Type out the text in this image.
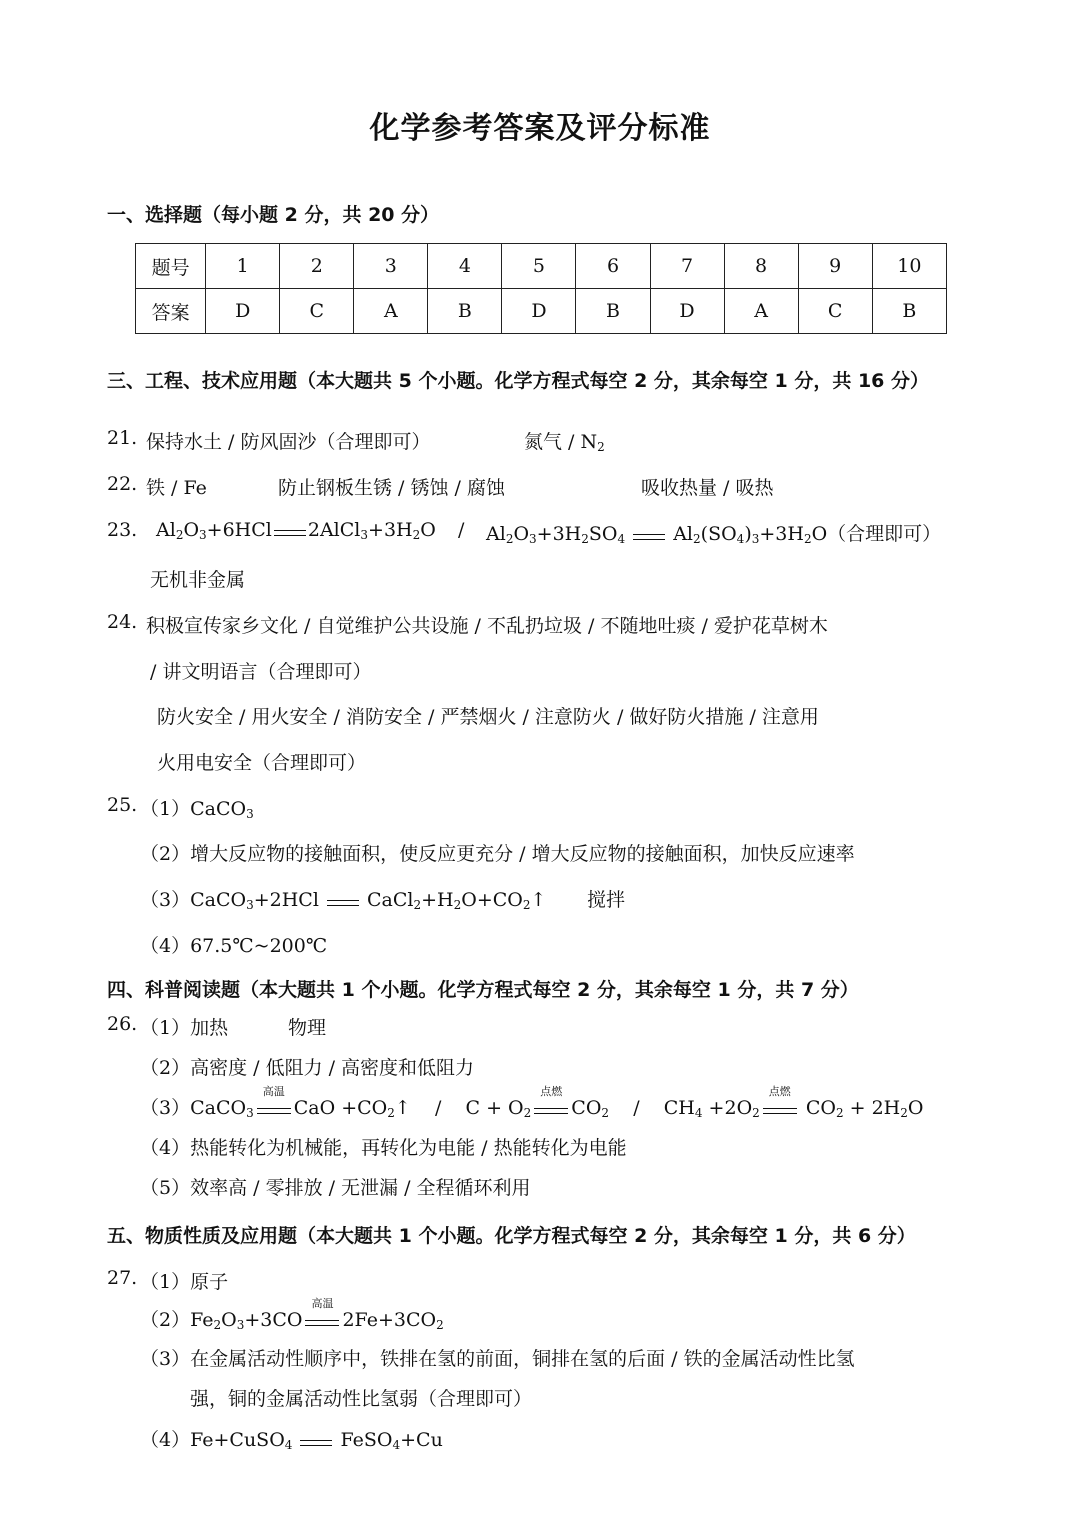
化学参考答案及评分标准
一、选择题（每小题 2 分，共 20 分）
题号	1	2	3	4	5	6	7	8	9	10
答案	D	C	A	B	D	B	D	A	C	B
三、工程、技术应用题（本大题共 5 个小题。化学方程式每空 2 分，其余每空 1 分，共 16 分）
21. 保持水土 / 防风固沙（合理即可）	氮气 / $N_2$
22. 铁 / Fe	防止钢板生锈 / 锈蚀 / 腐蚀	吸收热量 / 吸热
23. $Al_2O_3+6HCl$ $2AlCl_3+3H_2O / Al_2O_3+3H_2SO_4$  $Al_2(SO_4)_3+3H_2O$（合理即可）
无机非金属
24. 积极宣传家乡文化 / 自觉维护公共设施 / 不乱扔垃圾 / 不随地吐痰 / 爱护花草树木
/ 讲文明语言（合理即可）
防火安全 / 用火安全 / 消防安全 / 严禁烟火 / 注意防火 / 做好防火措施 / 注意用
火用电安全（合理即可）
25. （1）CaCO$_3$
（2）增大反应物的接触面积，使反应更充分 / 增大反应物的接触面积，加快反应速率
（3）CaCO$_3$+2HCl  $CaCl_2+H_2O+CO_2↑$ 搅拌
（4）67.5℃~200℃
四、科普阅读题（本大题共 1 个小题。化学方程式每空 2 分，其余每空 1 分，共 7 分）
26. （1）加热	物理
（2）高密度 / 低阻力 / 高密度和低阻力
（3）CaCO$_3$
高温
CaO $+CO_2↑$    /    $C + O_2$
点燃
$CO_2$    /    $CH_4 +2O_2$
点燃
$CO_2 + 2H_2O$
（4）热能转化为机械能，再转化为电能 / 热能转化为电能
（5）效率高 / 零排放 / 无泄漏 / 全程循环利用
五、物质性质及应用题（本大题共 1 个小题。化学方程式每空 2 分，其余每空 1 分，共 6 分）
27. （1）原子
$(2)Fe_2O_3+3CO$
高温
$2Fe+3CO_2$
（3）在金属活动性顺序中，铁排在氢的前面，铜排在氢的后面 / 铁的金属活动性比氢
强，铜的金属活动性比氢弱（合理即可）
（4）Fe+CuSO$_4$  FeSO$_4$+Cu
